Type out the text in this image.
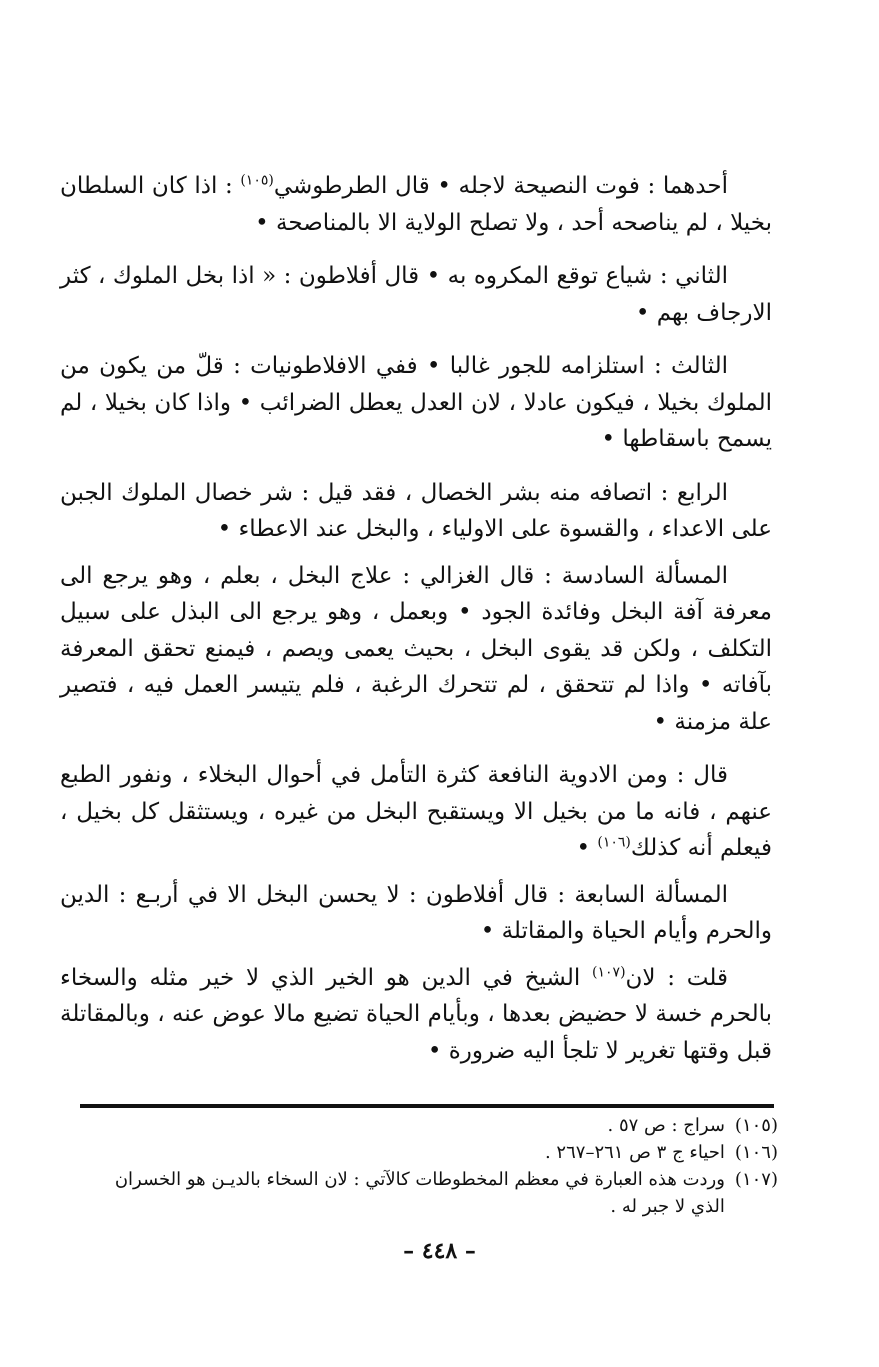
أحدهما : فوت النصيحة لاجله • قال الطرطوشي$^{(١٠٥)}$ : اذا كان السلطان بخيلا ، لم يناصحه أحد ، ولا تصلح الولاية الا بالمناصحة •

الثاني : شياع توقع المكروه به • قال أفلاطون : « اذا بخل الملوك ، كثر الارجاف بهم •

الثالث : استلزامه للجور غالبا • ففي الافلاطونيات : قلّ من يكون من الملوك بخيلا ، فيكون عادلا ، لان العدل يعطل الضرائب • واذا كان بخيلا ، لم يسمح باسقاطها •

الرابع : اتصافه منه بشر الخصال ، فقد قيل : شر خصال الملوك الجبن على الاعداء ، والقسوة على الاولياء ، والبخل عند الاعطاء •

المسألة السادسة : قال الغزالي : علاج البخل ، بعلم ، وهو يرجع الى معرفة آفة البخل وفائدة الجود • وبعمل ، وهو يرجع الى البذل على سبيل التكلف ، ولكن قد يقوى البخل ، بحيث يعمى ويصم ، فيمنع تحقق المعرفة بآفاته • واذا لم تتحقق ، لم تتحرك الرغبة ، فلم يتيسر العمل فيه ، فتصير علة مزمنة •

قال : ومن الادوية النافعة كثرة التأمل في أحوال البخلاء ، ونفور الطبع عنهم ، فانه ما من بخيل الا ويستقبح البخل من غيره ، ويستثقل كل بخيل ، فيعلم أنه كذلك$^{(١٠٦)}$ •

المسألة السابعة : قال أفلاطون : لا يحسن البخل الا في أربـع : الدين والحرم وأيام الحياة والمقاتلة •

قلت : لان$^{(١٠٧)}$ الشيخ في الدين هو الخير الذي لا خير مثله والسخاء بالحرم خسة لا حضيض بعدها ، وبأيام الحياة تضيع مالا عوض عنه ، وبالمقاتلة قبل وقتها تغرير لا تلجأ اليه ضرورة •

(١٠٥)
سراج : ص ٥٧ .
(١٠٦)
احياء ج ٣ ص ٢٦١–٢٦٧ .
(١٠٧)
وردت هذه العبارة في معظم المخطوطات كالآتي : لان السخاء بالديـن هو الخسران الذي لا جبر له .
– ٤٤٨ –
